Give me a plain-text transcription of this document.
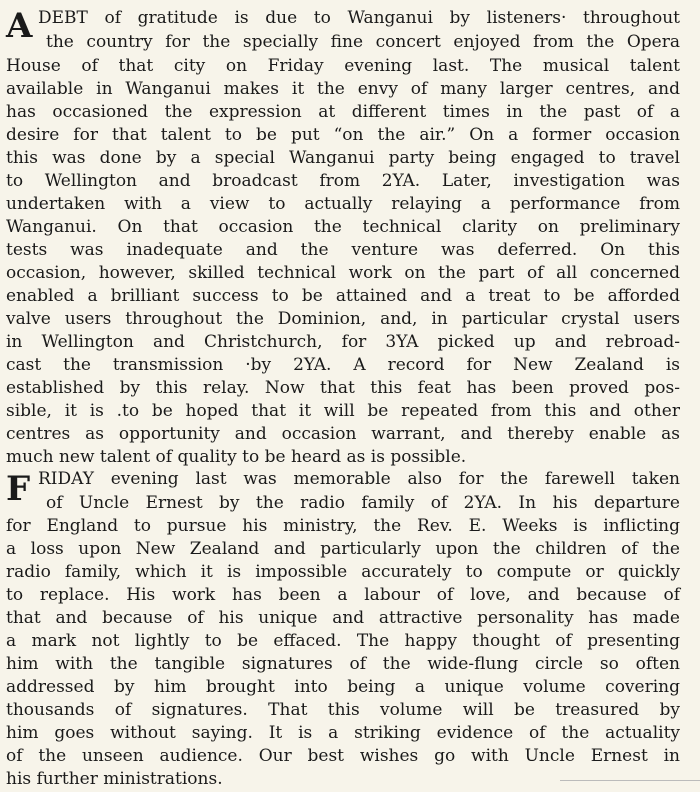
A DEBT of gratitude is due to Wanganui by listeners· throughout
the country for the specially fine concert enjoyed from the Opera
House of that city on Friday evening last. The musical talent
available in Wanganui makes it the envy of many larger centres, and
has occasioned the expression at different times in the past of a
desire for that talent to be put “on the air.” On a former occasion
this was done by a special Wanganui party being engaged to travel
to Wellington and broadcast from 2YA. Later, investigation was
undertaken with a view to actually relaying a performance from
Wanganui. On that occasion the technical clarity on preliminary
tests was inadequate and the venture was deferred. On this
occasion, however, skilled technical work on the part of all concerned
enabled a brilliant success to be attained and a treat to be afforded
valve users throughout the Dominion, and, in particular crystal users
in Wellington and Christchurch, for 3YA picked up and rebroad-
cast the transmission ·by 2YA. A record for New Zealand is
established by this relay. Now that this feat has been proved pos-
sible, it is .to be hoped that it will be repeated from this and other
centres as opportunity and occasion warrant, and thereby enable as
much new talent of quality to be heard as is possible.
F RIDAY evening last was memorable also for the farewell taken
of Uncle Ernest by the radio family of 2YA. In his departure
for England to pursue his ministry, the Rev. E. Weeks is inflicting
a loss upon New Zealand and particularly upon the children of the
radio family, which it is impossible accurately to compute or quickly
to replace. His work has been a labour of love, and because of
that and because of his unique and attractive personality has made
a mark not lightly to be effaced. The happy thought of presenting
him with the tangible signatures of the wide-flung circle so often
addressed by him brought into being a unique volume covering
thousands of signatures. That this volume will be treasured by
him goes without saying. It is a striking evidence of the actuality
of the unseen audience. Our best wishes go with Uncle Ernest in
his further ministrations.
